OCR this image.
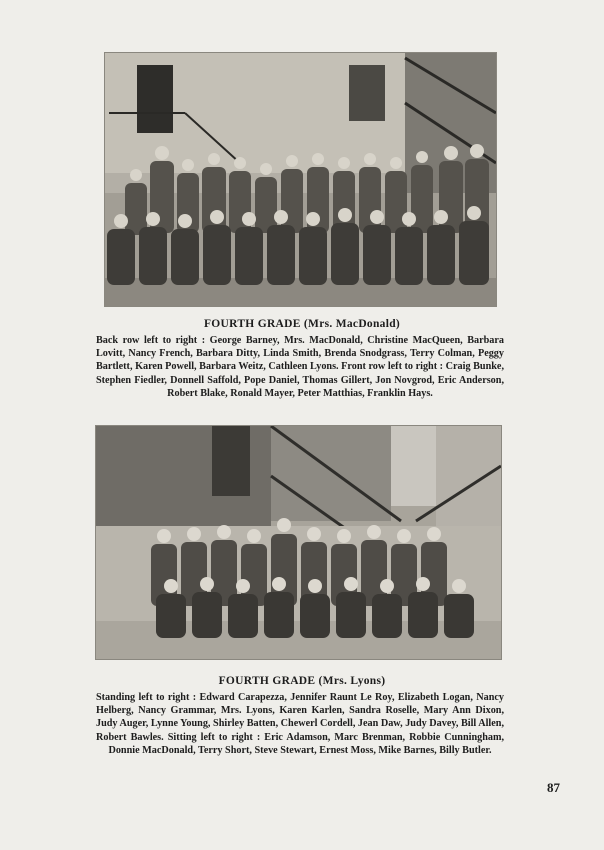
FOURTH GRADE (Mrs. MacDonald)
Back row left to right : George Barney, Mrs. MacDonald, Christine MacQueen, Barbara Lovitt, Nancy French, Barbara Ditty, Linda Smith, Brenda Snodgrass, Terry Colman, Peggy Bartlett, Karen Powell, Barbara Weitz, Cathleen Lyons. Front row left to right : Craig Bunke, Stephen Fiedler, Donnell Saffold, Pope Daniel, Thomas Gillert, Jon Novgrod, Eric Anderson, Robert Blake, Ronald Mayer, Peter Matthias, Franklin Hays.
FOURTH GRADE (Mrs. Lyons)
Standing left to right : Edward Carapezza, Jennifer Raunt Le Roy, Elizabeth Logan, Nancy Helberg, Nancy Grammar, Mrs. Lyons, Karen Karlen, Sandra Roselle, Mary Ann Dixon, Judy Auger, Lynne Young, Shirley Batten, Chewerl Cordell, Jean Daw, Judy Davey, Bill Allen, Robert Bawles. Sitting left to right : Eric Adamson, Marc Brenman, Robbie Cunningham, Donnie MacDonald, Terry Short, Steve Stewart, Ernest Moss, Mike Barnes, Billy Butler.
87
